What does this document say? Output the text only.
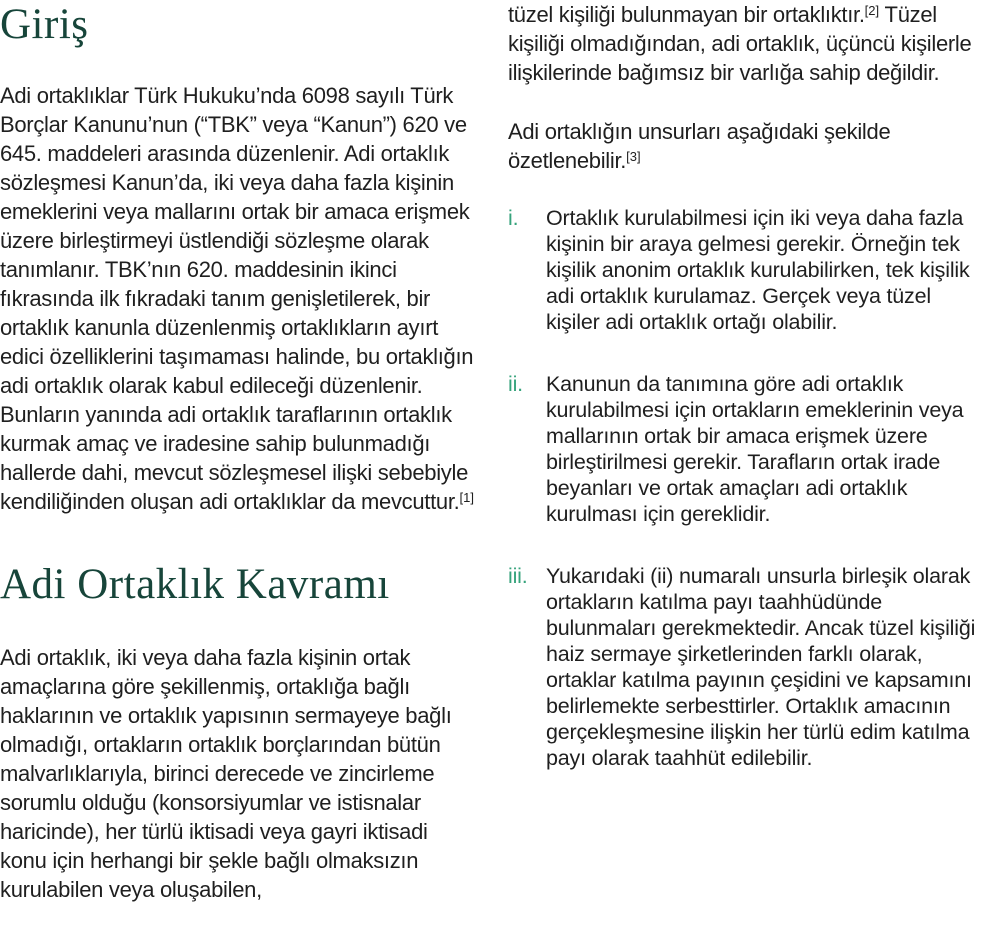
Giriş

Adi ortaklıklar Türk Hukuku’nda 6098 sayılı Türk Borçlar Kanunu’nun (“TBK” veya “Kanun”) 620 ve 645. maddeleri arasında düzenlenir. Adi ortaklık sözleşmesi Kanun’da, iki veya daha fazla kişinin emeklerini veya mallarını ortak bir amaca erişmek üzere birleştirmeyi üstlendiği sözleşme olarak tanımlanır. TBK’nın 620. maddesinin ikinci fıkrasında ilk fıkradaki tanım genişletilerek, bir ortaklık kanunla düzenlenmiş ortaklıkların ayırt edici özelliklerini taşımaması halinde, bu ortaklığın adi ortaklık olarak kabul edileceği düzenlenir. Bunların yanında adi ortaklık taraflarının ortaklık kurmak amaç ve iradesine sahip bulunmadığı hallerde dahi, mevcut sözleşmesel ilişki sebebiyle kendiliğinden oluşan adi ortaklıklar da mevcuttur.[1]

Adi Ortaklık Kavramı

Adi ortaklık, iki veya daha fazla kişinin ortak amaçlarına göre şekillenmiş, ortaklığa bağlı haklarının ve ortaklık yapısının sermayeye bağlı olmadığı, ortakların ortaklık borçlarından bütün malvarlıklarıyla, birinci derecede ve zincirleme sorumlu olduğu (konsorsiyumlar ve istisnalar haricinde), her türlü iktisadi veya gayri iktisadi konu için herhangi bir şekle bağlı olmaksızın kurulabilen veya oluşabilen,

tüzel kişiliği bulunmayan bir ortaklıktır.[2] Tüzel kişiliği olmadığından, adi ortaklık, üçüncü kişilerle ilişkilerinde bağımsız bir varlığa sahip değildir.

Adi ortaklığın unsurları aşağıdaki şekilde özetlenebilir.[3]

i.	Ortaklık kurulabilmesi için iki veya daha fazla kişinin bir araya gelmesi gerekir. Örneğin tek kişilik anonim ortaklık kurulabilirken, tek kişilik adi ortaklık kurulamaz. Gerçek veya tüzel kişiler adi ortaklık ortağı olabilir.
ii.	Kanunun da tanımına göre adi ortaklık kurulabilmesi için ortakların emeklerinin veya mallarının ortak bir amaca erişmek üzere birleştirilmesi gerekir. Tarafların ortak irade beyanları ve ortak amaçları adi ortaklık kurulması için gereklidir.
iii. Yukarıdaki (ii) numaralı unsurla birleşik olarak ortakların katılma payı taahhüdünde bulunmaları gerekmektedir. Ancak tüzel kişiliği haiz sermaye şirketlerinden farklı olarak, ortaklar katılma payının çeşidini ve kapsamını belirlemekte serbesttirler. Ortaklık amacının gerçekleşmesine ilişkin her türlü edim katılma payı olarak taahhüt edilebilir.
